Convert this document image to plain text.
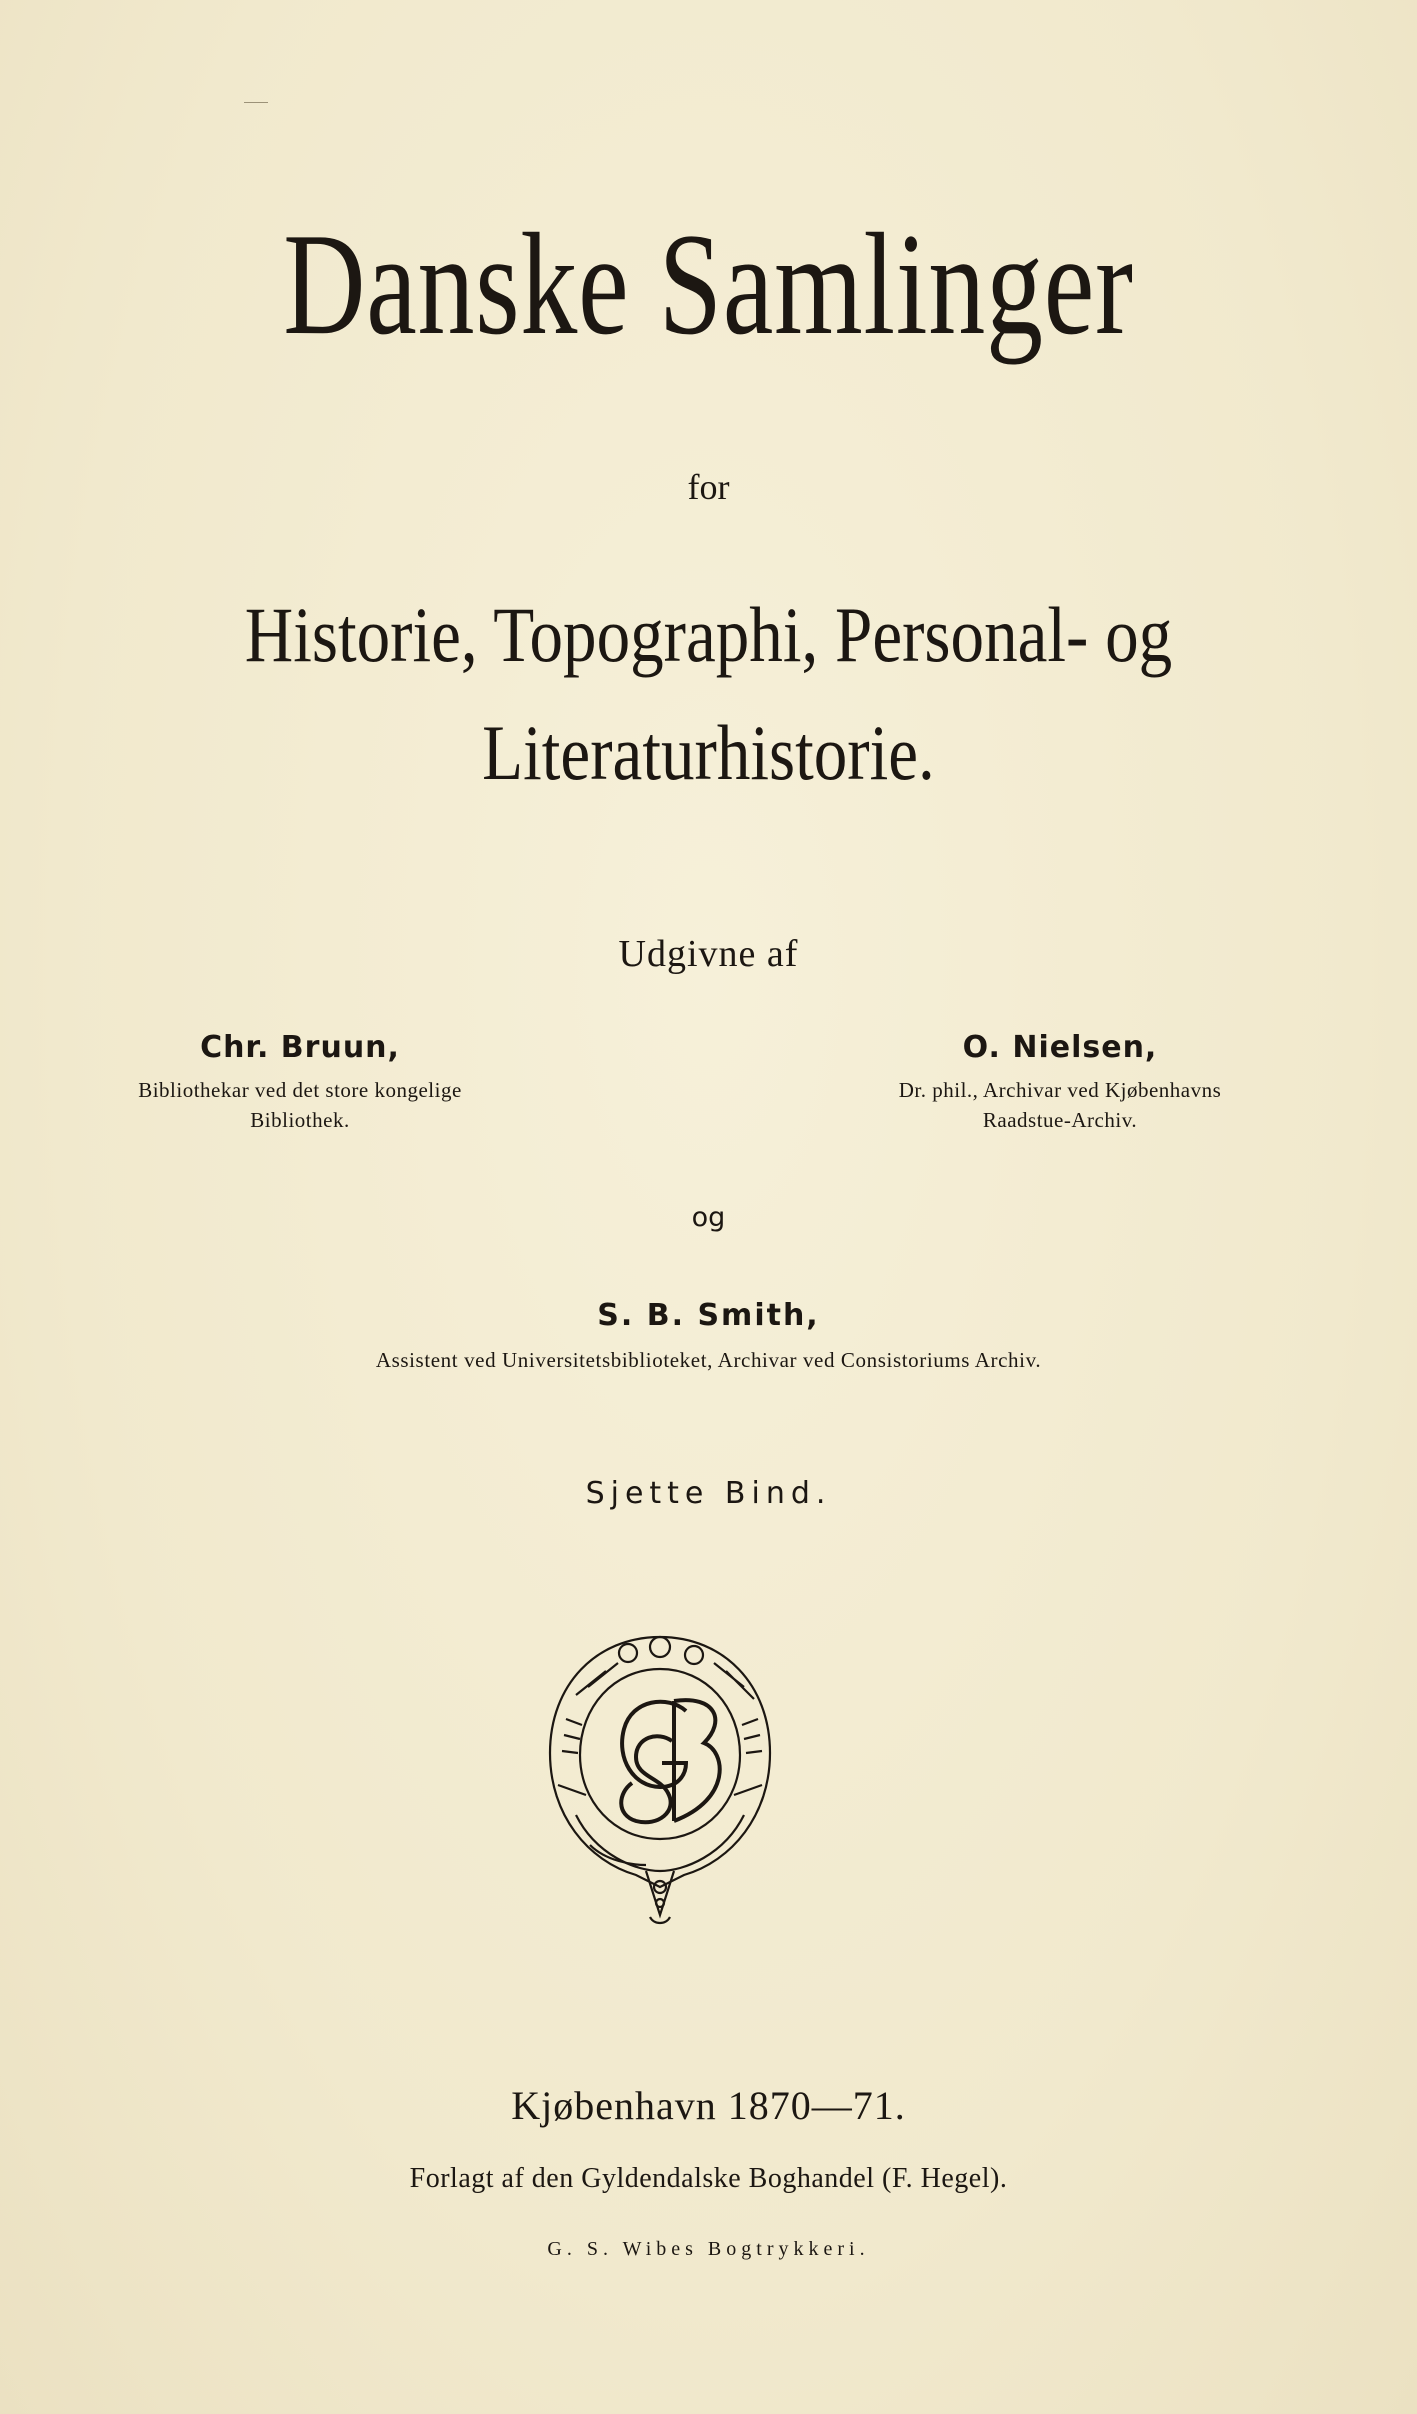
Danske Samlinger
for
Historie, Topographi, Personal- og
Literaturhistorie.
Udgivne af
Chr. Bruun,
Bibliothekar ved det store kongelige
Bibliothek.
O. Nielsen,
Dr. phil., Archivar ved Kjøbenhavns
Raadstue-Archiv.
og
S. B. Smith,
Assistent ved Universitetsbiblioteket, Archivar ved Consistoriums Archiv.
Sjette Bind.
Kjøbenhavn 1870—71.
Forlagt af den Gyldendalske Boghandel (F. Hegel).
G. S. Wibes Bogtrykkeri.
